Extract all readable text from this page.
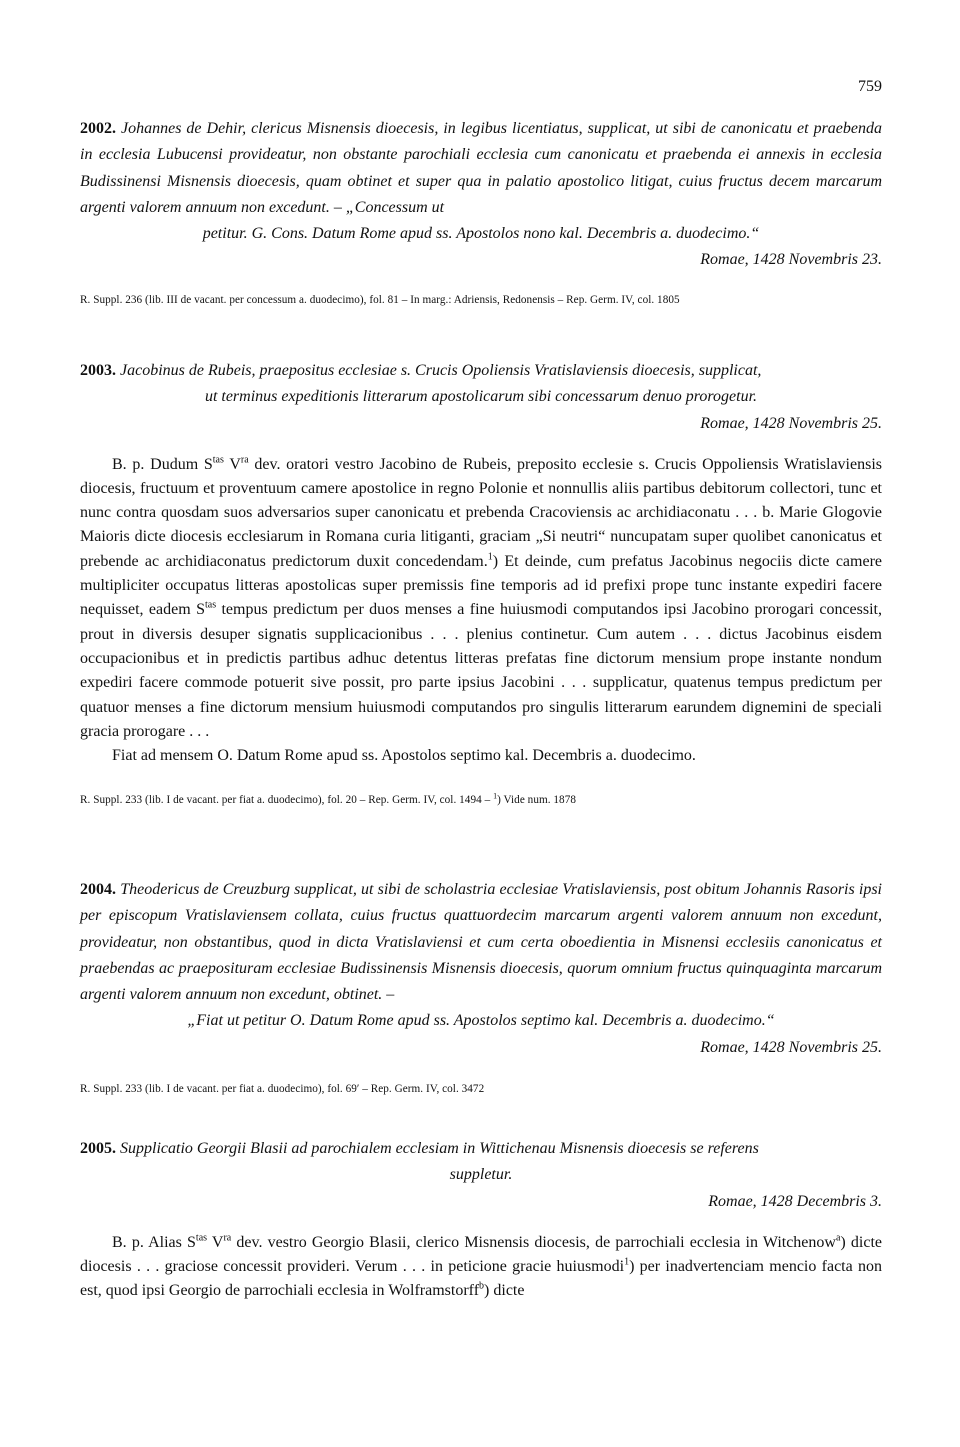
759
2002. Johannes de Dehir, clericus Misnensis dioecesis, in legibus licentiatus, supplicat, ut sibi de canonicatu et praebenda in ecclesia Lubucensi provideatur, non obstante parochiali ecclesia cum canonicatu et praebenda ei annexis in ecclesia Budissinensi Misnensis dioecesis, quam obtinet et super qua in palatio apostolico litigat, cuius fructus decem marcarum argenti valorem annuum non excedunt. – „Concessum ut
petitur. G. Cons. Datum Rome apud ss. Apostolos nono kal. Decembris a. duodecimo.“
Romae, 1428 Novembris 23.
R. Suppl. 236 (lib. III de vacant. per concessum a. duodecimo), fol. 81 – In marg.: Adriensis, Redonensis – Rep. Germ. IV, col. 1805
2003. Jacobinus de Rubeis, praepositus ecclesiae s. Crucis Opoliensis Vratislaviensis dioecesis, supplicat,
ut terminus expeditionis litterarum apostolicarum sibi concessarum denuo prorogetur.
Romae, 1428 Novembris 25.

B. p. Dudum $S^{tas}$ $V^{ra}$ dev. oratori vestro Jacobino de Rubeis, preposito ecclesie s. Crucis Oppoliensis Wratislaviensis diocesis, fructuum et proventuum camere apostolice in regno Polonie et nonnullis aliis partibus debitorum collectori, tunc et nunc contra quosdam suos adversarios super canonicatu et prebenda Cracoviensis ac archidiaconatu . . . b. Marie Glogovie Maioris dicte diocesis ecclesiarum in Romana curia litiganti, graciam „Si neutri“ nuncupatam super quolibet canonicatus et prebende ac archidiaconatus predictorum duxit concedendam.$^1$) Et deinde, cum prefatus Jacobinus negociis dicte camere multipliciter occupatus litteras apostolicas super premissis fine temporis ad id prefixi prope tunc instante expediri facere nequisset, eadem $S^{tas}$ tempus predictum per duos menses a fine huiusmodi computandos ipsi Jacobino prorogari concessit, prout in diversis desuper signatis supplicacionibus . . . plenius continetur. Cum autem . . . dictus Jacobinus eisdem occupacionibus et in predictis partibus adhuc detentus litteras prefatas fine dictorum mensium prope instante nondum expediri facere commode potuerit sive possit, pro parte ipsius Jacobini . . . supplicatur, quatenus tempus predictum per quatuor menses a fine dictorum mensium huiusmodi computandos pro singulis litterarum earundem dignemini de speciali gracia prorogare . . .

Fiat ad mensem O. Datum Rome apud ss. Apostolos septimo kal. Decembris a. duodecimo.

R. Suppl. 233 (lib. I de vacant. per fiat a. duodecimo), fol. 20 – Rep. Germ. IV, col. 1494 – $^1$) Vide num. 1878
2004. Theodericus de Creuzburg supplicat, ut sibi de scholastria ecclesiae Vratislaviensis, post obitum Johannis Rasoris ipsi per episcopum Vratislaviensem collata, cuius fructus quattuordecim marcarum argenti valorem annuum non excedunt, provideatur, non obstantibus, quod in dicta Vratislaviensi et cum certa oboedientia in Misnensi ecclesiis canonicatus et praebendas ac praeposituram ecclesiae Budissinensis Misnensis dioecesis, quorum omnium fructus quinquaginta marcarum argenti valorem annuum non excedunt, obtinet. –
„Fiat ut petitur O. Datum Rome apud ss. Apostolos septimo kal. Decembris a. duodecimo.“
Romae, 1428 Novembris 25.
R. Suppl. 233 (lib. I de vacant. per fiat a. duodecimo), fol. 69′ – Rep. Germ. IV, col. 3472
2005. Supplicatio Georgii Blasii ad parochialem ecclesiam in Wittichenau Misnensis dioecesis se referens
suppletur.
Romae, 1428 Decembris 3.

B. p. Alias $S^{tas}$ $V^{ra}$ dev. vestro Georgio Blasii, clerico Misnensis diocesis, de parrochiali ecclesia in Witchenow$^a$) dicte diocesis . . . graciose concessit provideri. Verum . . . in peticione gracie huiusmodi$^1$) per inadvertenciam mencio facta non est, quod ipsi Georgio de parrochiali ecclesia in Wolframstorff$^b$) dicte
